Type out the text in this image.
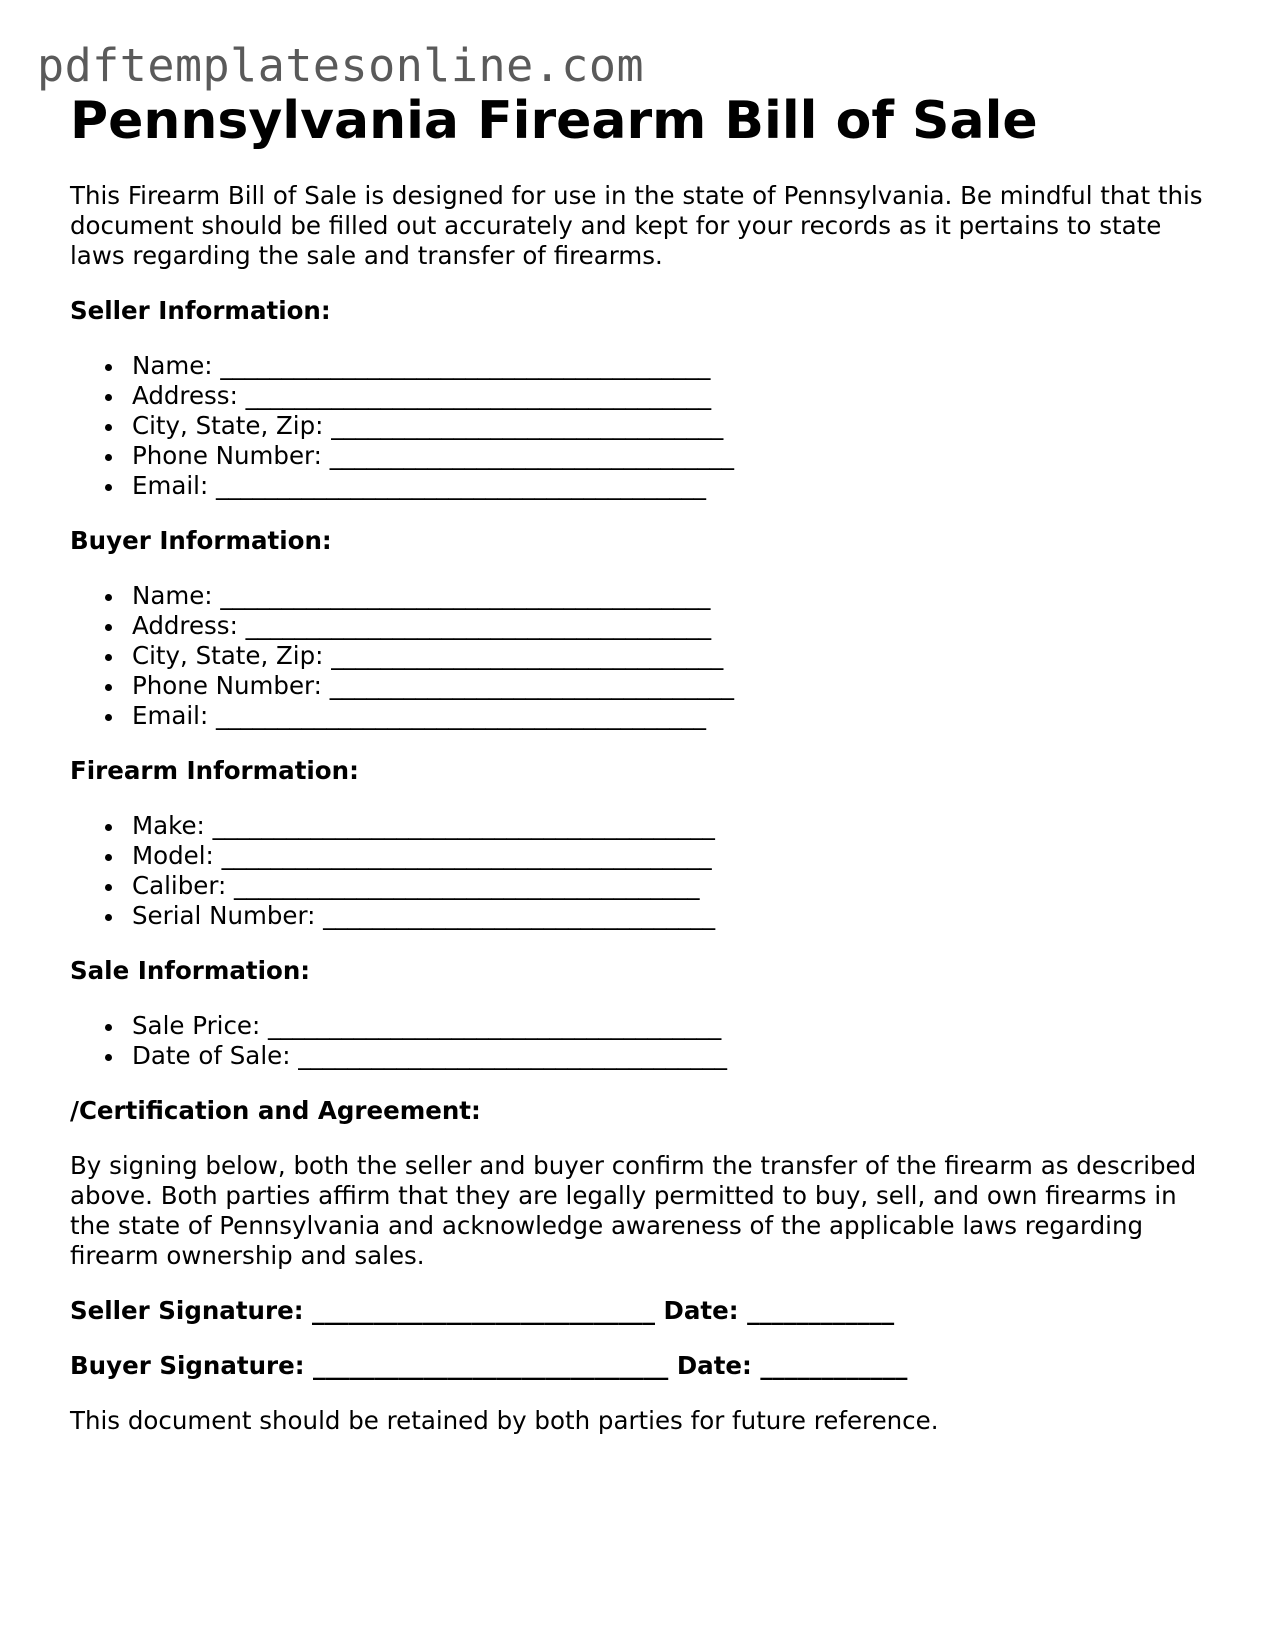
pdftemplatesonline.com
Pennsylvania Firearm Bill of Sale

This Firearm Bill of Sale is designed for use in the state of Pennsylvania. Be mindful that this document should be filled out accurately and kept for your records as it pertains to state laws regarding the sale and transfer of firearms.

Seller Information:

Name: ________________________________________
Address: ______________________________________
City, State, Zip: ________________________________
Phone Number: _________________________________
Email: ________________________________________

Buyer Information:

Name: ________________________________________
Address: ______________________________________
City, State, Zip: ________________________________
Phone Number: _________________________________
Email: ________________________________________

Firearm Information:

Make: _________________________________________
Model: ________________________________________
Caliber: ______________________________________
Serial Number: ________________________________

Sale Information:

Sale Price: _____________________________________
Date of Sale: ___________________________________

/Certification and Agreement:

By signing below, both the seller and buyer confirm the transfer of the firearm as described above. Both parties affirm that they are legally permitted to buy, sell, and own firearms in the state of Pennsylvania and acknowledge awareness of the applicable laws regarding firearm ownership and sales.

Seller Signature: ____________________________ Date: ____________

Buyer Signature: _____________________________ Date: ____________

This document should be retained by both parties for future reference.
